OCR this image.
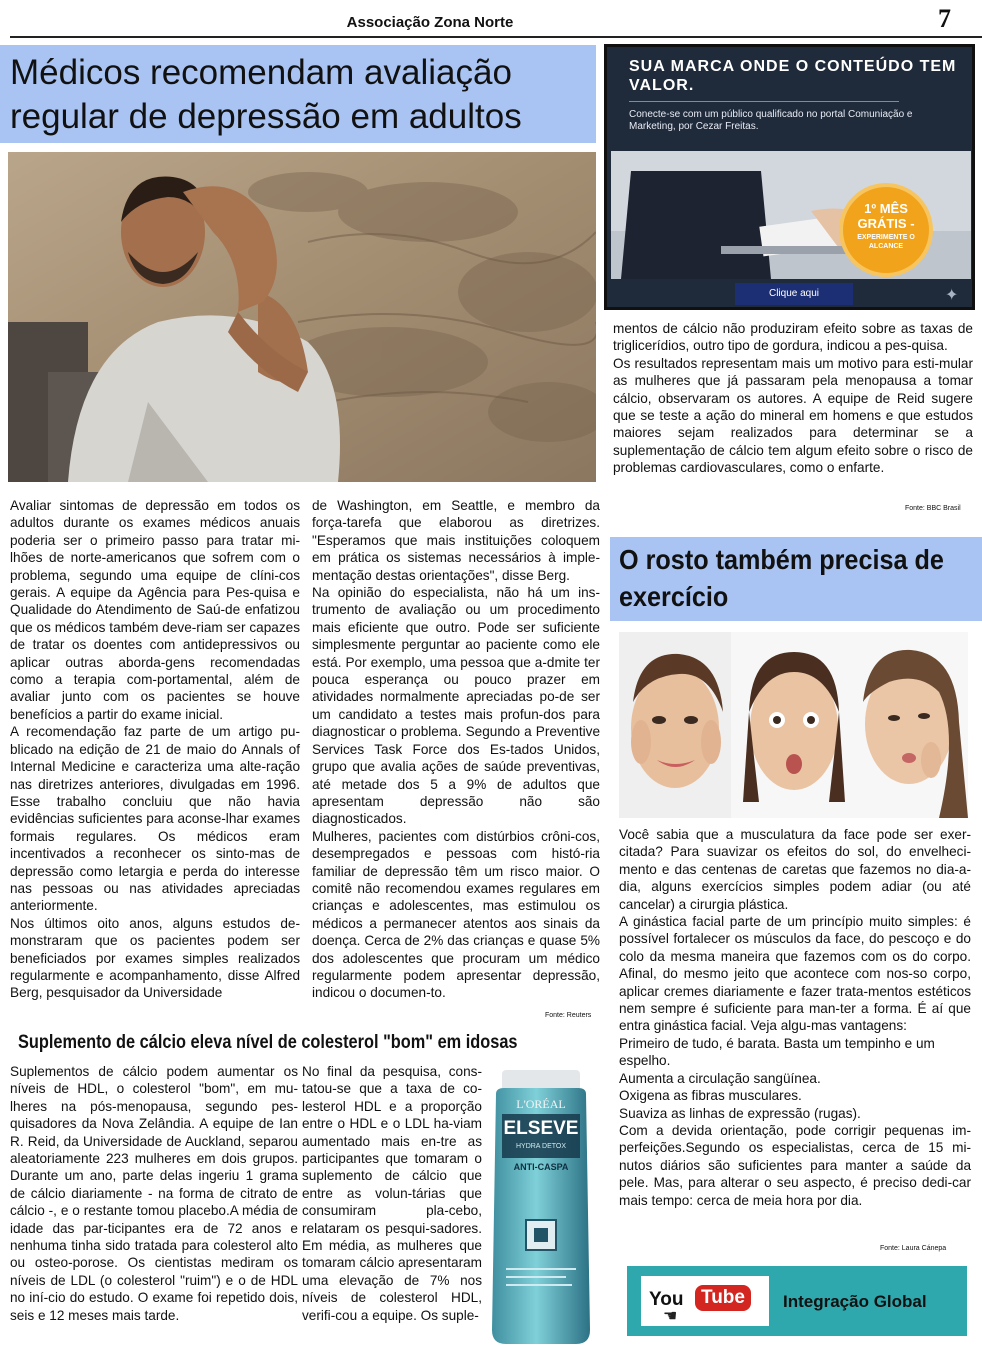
Associação Zona Norte	7
Médicos recomendam avaliação regular de depressão em adultos

Avaliar sintomas de depressão em todos os adultos durante os exames médicos anuais poderia ser o primeiro passo para tratar mi-lhões de norte-americanos que sofrem com o problema, segundo uma equipe de clíni-cos gerais. A equipe da Agência para Pes-quisa e Qualidade do Atendimento de Saú-de enfatizou que os médicos também deve-riam ser capazes de tratar os doentes com antidepressivos ou aplicar outras aborda-gens recomendadas como a terapia com-portamental, além de avaliar junto com os pacientes se houve benefícios a partir do exame inicial.

A recomendação faz parte de um artigo pu-blicado na edição de 21 de maio do Annals of Internal Medicine e caracteriza uma alte-ração nas diretrizes anteriores, divulgadas em 1996. Esse trabalho concluiu que não havia evidências suficientes para aconse-lhar exames formais regulares. Os médicos eram incentivados a reconhecer os sinto-mas de depressão como letargia e perda do interesse nas pessoas ou nas atividades apreciadas anteriormente.

Nos últimos oito anos, alguns estudos de-monstraram que os pacientes podem ser beneficiados por exames simples realizados regularmente e acompanhamento, disse Alfred Berg, pesquisador da Universidade

de Washington, em Seattle, e membro da força-tarefa que elaborou as diretrizes. "Esperamos que mais instituições coloquem em prática os sistemas necessários à imple-mentação destas orientações", disse Berg.

Na opinião do especialista, não há um ins-trumento de avaliação ou um procedimento mais eficiente que outro. Pode ser suficiente simplesmente perguntar ao paciente como ele está. Por exemplo, uma pessoa que a-dmite ter pouca esperança ou pouco prazer em atividades normalmente apreciadas po-de ser um candidato a testes mais profun-dos para diagnosticar o problema. Segundo a Preventive Services Task Force dos Es-tados Unidos, grupo que avalia ações de saúde preventivas, até metade dos 5 a 9% de adultos que apresentam depressão não são diagnosticados.

Mulheres, pacientes com distúrbios crôni-cos, desempregados e pessoas com histó-ria familiar de depressão têm um risco maior. O comitê não recomendou exames regulares em crianças e adolescentes, mas estimulou os médicos a permanecer atentos aos sinais da doença. Cerca de 2% das crianças e quase 5% dos adolescentes que procuram um médico regularmente podem apresentar depressão, indicou o documen-to.

Fonte: Reuters
Suplemento de cálcio eleva nível de colesterol "bom" em idosas

Suplementos de cálcio podem aumentar os níveis de HDL, o colesterol "bom", em mu-lheres na pós-menopausa, segundo pes-quisadores da Nova Zelândia. A equipe de Ian R. Reid, da Universidade de Auckland, separou aleatoriamente 223 mulheres em dois grupos. Durante um ano, parte delas ingeriu 1 grama de cálcio diariamente - na forma de citrato de cálcio -, e o restante tomou placebo.A média de idade das par-ticipantes era de 72 anos e nenhuma tinha sido tratada para colesterol alto ou osteo-porose. Os cientistas mediram os níveis de LDL (o colesterol "ruim") e o de HDL no iní-cio do estudo. O exame foi repetido dois, seis e 12 meses mais tarde.

No final da pesquisa, cons-tatou-se que a taxa de co-lesterol HDL e a proporção entre o HDL e o LDL ha-viam aumentado mais en-tre as participantes que tomaram o suplemento de cálcio que entre as volun-tárias que consumiram pla-cebo, relataram os pesqui-sadores. Em média, as mulheres que tomaram cálcio apresentaram uma elevação de 7% nos níveis de colesterol HDL, verifi-cou a equipe. Os suple-

L'ORÉAL
ELSEVE
HYDRA DETOX
ANTI-CASPA
SUA MARCA ONDE O CONTEÚDO TEM VALOR.
Conecte-se com um público qualificado no portal Comuniação e Marketing, por Cezar Freitas.
1º MÊS
GRÁTIS -
EXPERIMENTE O ALCANCE
Clique aqui	✦

mentos de cálcio não produziram efeito sobre as taxas de triglicerídios, outro tipo de gordura, indicou a pes-quisa.

Os resultados representam mais um motivo para esti-mular as mulheres que já passaram pela menopausa a tomar cálcio, observaram os autores. A equipe de Reid sugere que se teste a ação do mineral em homens e que estudos maiores sejam realizados para determinar se a suplementação de cálcio tem algum efeito sobre o risco de problemas cardiovasculares, como o enfarte.

Fonte: BBC Brasil
O rosto também precisa de exercício

Você sabia que a musculatura da face pode ser exer-citada? Para suavizar os efeitos do sol, do envelheci-mento e das centenas de caretas que fazemos no dia-a-dia, alguns exercícios simples podem adiar (ou até cancelar) a cirurgia plástica.

A ginástica facial parte de um princípio muito simples: é possível fortalecer os músculos da face, do pescoço e do colo da mesma maneira que fazemos com os do corpo. Afinal, do mesmo jeito que acontece com nos-so corpo, aplicar cremes diariamente e fazer trata-mentos estéticos nem sempre é suficiente para man-ter a forma. É aí que entra ginástica facial. Veja algu-mas vantagens:

Primeiro de tudo, é barata. Basta um tempinho e um espelho.

Aumenta a circulação sangüínea.

Oxigena as fibras musculares.

Suaviza as linhas de expressão (rugas).

Com a devida orientação, pode corrigir pequenas im-perfeições.Segundo os especialistas, cerca de 15 mi-nutos diários são suficientes para manter a saúde da pele. Mas, para alterar o seu aspecto, é preciso dedi-car mais tempo: cerca de meia hora por dia.

Fonte: Laura Cánepa
You Tube
☚
Integração Global
